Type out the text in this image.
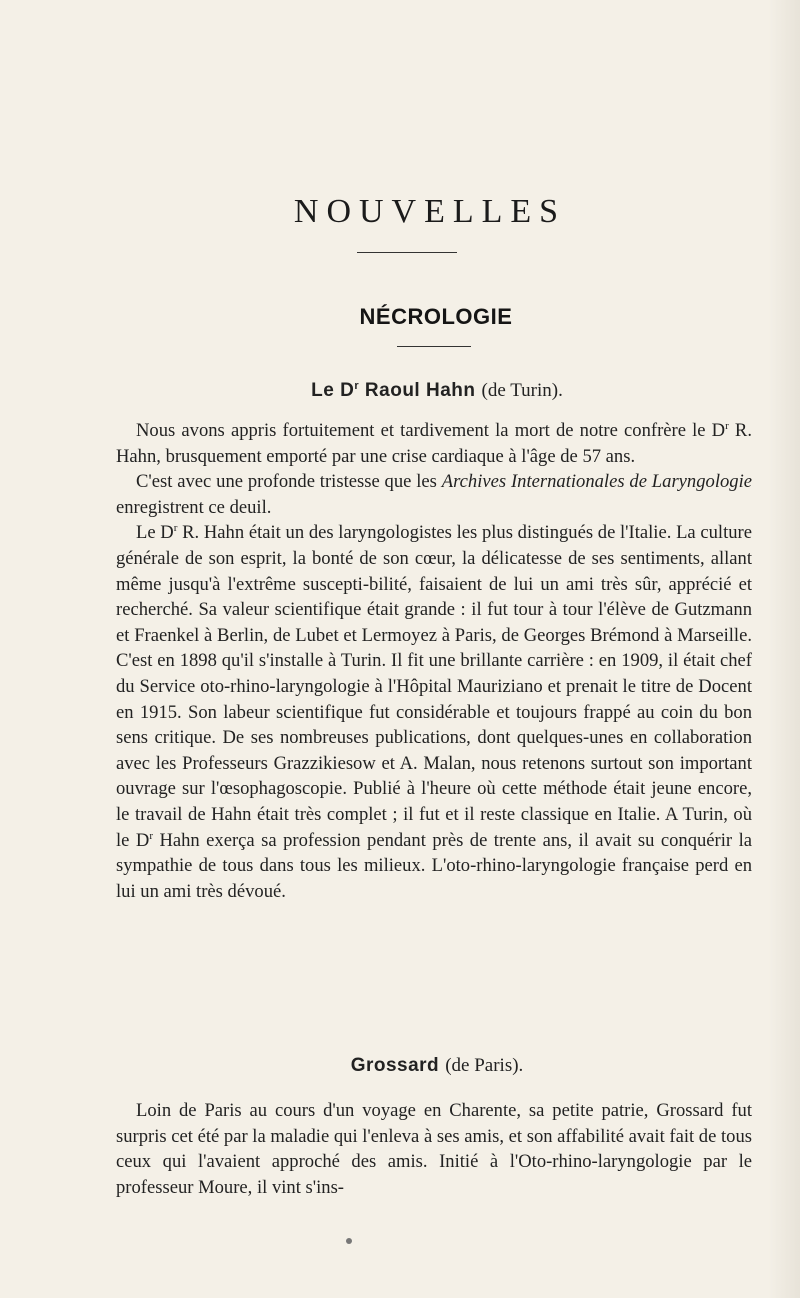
NOUVELLES
NÉCROLOGIE
Le $D^r$ Raoul Hahn (de Turin).

Nous avons appris fortuitement et tardivement la mort de notre confrère le $D^r$ R. Hahn, brusquement emporté par une crise cardiaque à l'âge de 57 ans.

C'est avec une profonde tristesse que les Archives Internationales de Laryngologie enregistrent ce deuil.

Le $D^r$ R. Hahn était un des laryngologistes les plus distingués de l'Italie. La culture générale de son esprit, la bonté de son cœur, la délicatesse de ses sentiments, allant même jusqu'à l'extrême suscepti-bilité, faisaient de lui un ami très sûr, apprécié et recherché. Sa valeur scientifique était grande : il fut tour à tour l'élève de Gutzmann et Fraenkel à Berlin, de Lubet et Lermoyez à Paris, de Georges Brémond à Marseille. C'est en 1898 qu'il s'installe à Turin. Il fit une brillante carrière : en 1909, il était chef du Service oto-rhino-laryngologie à l'Hôpital Mauriziano et prenait le titre de Docent en 1915. Son labeur scientifique fut considérable et toujours frappé au coin du bon sens critique. De ses nombreuses publications, dont quelques-unes en collaboration avec les Professeurs Grazzikiesow et A. Malan, nous retenons surtout son important ouvrage sur l'œsophagoscopie. Publié à l'heure où cette méthode était jeune encore, le travail de Hahn était très complet ; il fut et il reste classique en Italie. A Turin, où le $D^r$ Hahn exerça sa profession pendant près de trente ans, il avait su conquérir la sympathie de tous dans tous les milieux. L'oto-rhino-laryngologie française perd en lui un ami très dévoué.

Grossard (de Paris).

Loin de Paris au cours d'un voyage en Charente, sa petite patrie, Grossard fut surpris cet été par la maladie qui l'enleva à ses amis, et son affabilité avait fait de tous ceux qui l'avaient approché des amis. Initié à l'Oto-rhino-laryngologie par le professeur Moure, il vint s'ins-
